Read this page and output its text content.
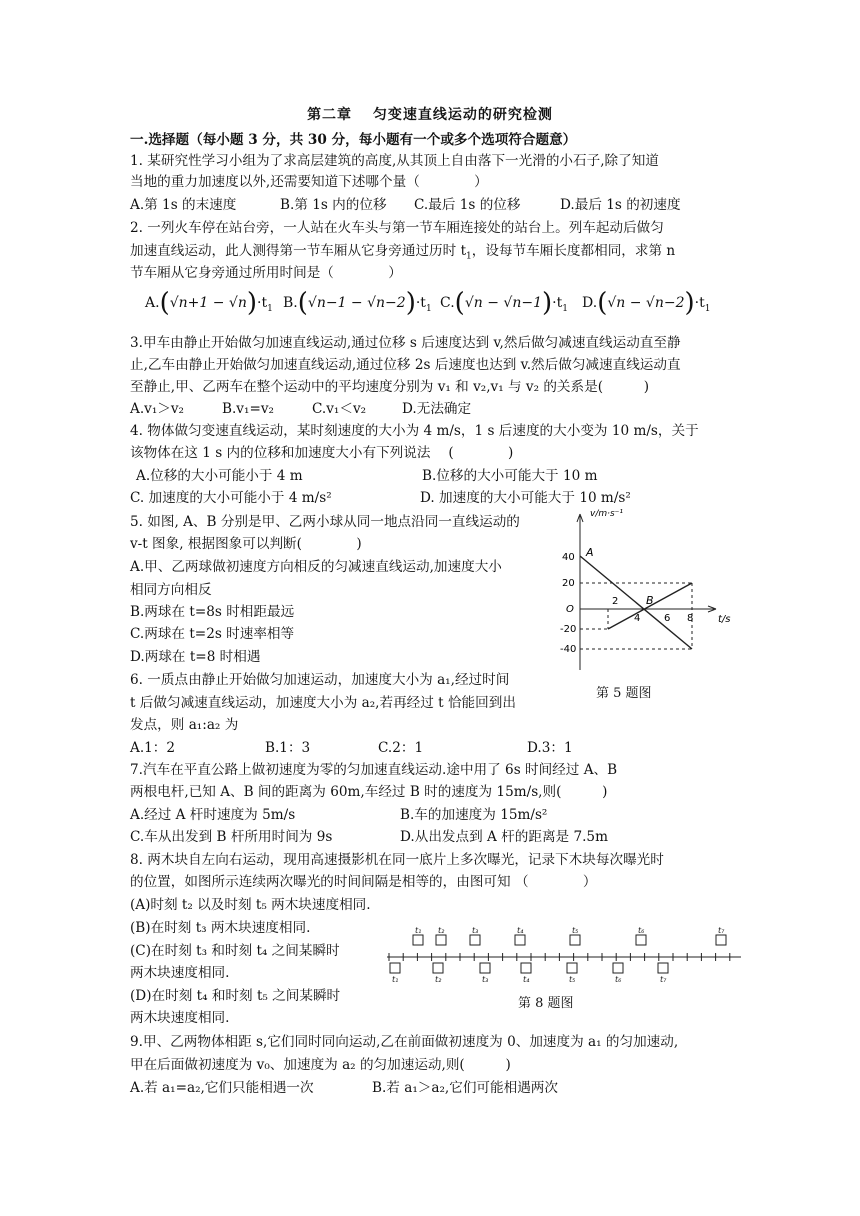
第二章　 匀变速直线运动的研究检测
一.选择题（每小题 3 分，共 30 分，每小题有一个或多个选项符合题意）
1. 某研究性学习小组为了求高层建筑的高度,从其顶上自由落下一光滑的小石子,除了知道
当地的重力加速度以外,还需要知道下述哪个量（　　　　）
A.第 1s 的末速度	B.第 1s 内的位移 C.最后 1s 的位移	D.最后 1s 的初速度
2. 一列火车停在站台旁，一人站在火车头与第一节车厢连接处的站台上。列车起动后做匀
加速直线运动，此人测得第一节车厢从它身旁通过历时 $t_1$，设每节车厢长度都相同，求第 n
节车厢从它身旁通过所用时间是（　　　　）
$A.(√n+1 - √n)\cdot t_1$ $B.(√n-1 - √n-2)\cdot t_1$ $C.(√n - √n-1)\cdot t_1$ $D.(√n - √n-2)\cdot t_1$
3.甲车由静止开始做匀加速直线运动,通过位移 s 后速度达到 v,然后做匀减速直线运动直至静
止,乙车由静止开始做匀加速直线运动,通过位移 2s 后速度也达到 v.然后做匀减速直线运动直
至静止,甲、乙两车在整个运动中的平均速度分别为 v₁ 和 v₂,v₁ 与 v₂ 的关系是(　　　)
A.v₁＞v₂	B.v₁=v₂	C.v₁＜v₂	D.无法确定
4. 物体做匀变速直线运动，某时刻速度的大小为 4 m/s，1 s 后速度的大小变为 10 m/s，关于
该物体在这 1 s 内的位移和加速度大小有下列说法　 (　　　　)
A.位移的大小可能小于 4 m	B.位移的大小可能大于 10 m
C. 加速度的大小可能小于 4 m/s²	D. 加速度的大小可能大于 10 m/s²
5. 如图, A、B 分别是甲、乙两小球从同一地点沿同一直线运动的
v-t 图象, 根据图象可以判断(　　　　)
A.甲、乙两球做初速度方向相反的匀减速直线运动,加速度大小
相同方向相反
B.两球在 t=8s 时相距最远
C.两球在 t=2s 时速率相等
D.两球在 t=8 时相遇
v/m·s⁻¹
t/s
40
20
O
-20
-40
2
4 6 8
A
B
第 5 题图
6. 一质点由静止开始做匀加速运动，加速度大小为 a₁,经过时间
t 后做匀减速直线运动，加速度大小为 a₂,若再经过 t 恰能回到出
发点，则 a₁:a₂ 为
A.1：2	B.1：3	C.2：1	D.3：1
7.汽车在平直公路上做初速度为零的匀加速直线运动.途中用了 6s 时间经过 A、B
两根电杆,已知 A、B 间的距离为 60m,车经过 B 时的速度为 15m/s,则(　　　)
A.经过 A 杆时速度为 5m/s	B.车的加速度为 15m/s²
C.车从出发到 B 杆所用时间为 9s	D.从出发点到 A 杆的距离是 7.5m
8. 两木块自左向右运动，现用高速摄影机在同一底片上多次曝光，记录下木块每次曝光时
的位置，如图所示连续两次曝光的时间间隔是相等的，由图可知 （　　　　）
(A)时刻 t₂ 以及时刻 t₅ 两木块速度相同.
(B)在时刻 t₃ 两木块速度相同.
(C)在时刻 t₃ 和时刻 t₄ 之间某瞬时
两木块速度相同.
(D)在时刻 t₄ 和时刻 t₅ 之间某瞬时
两木块速度相同.
t₁ t₂	t₃	t₄	t₅	t₆	t₇
t₁	t₂	t₃	t₄	t₅	t₆	t₇
第 8 题图
9.甲、乙两物体相距 s,它们同时同向运动,乙在前面做初速度为 0、加速度为 a₁ 的匀加速动,
甲在后面做初速度为 v₀、加速度为 a₂ 的匀加速运动,则(　　　)
A.若 a₁=a₂,它们只能相遇一次	B.若 a₁＞a₂,它们可能相遇两次
